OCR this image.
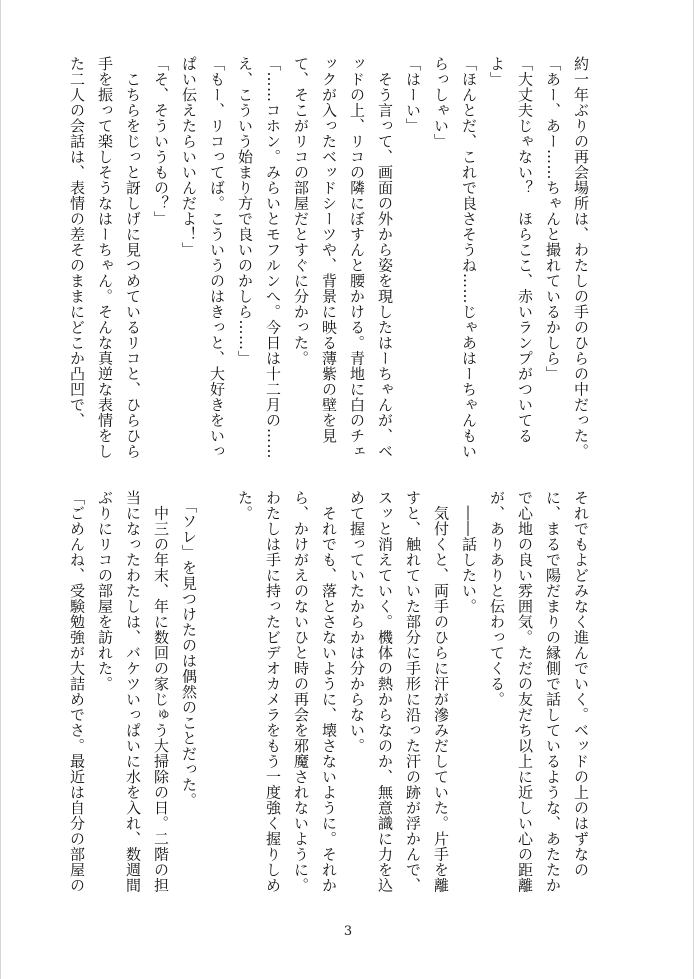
約一年ぶりの再会場所は、わたしの手のひらの中だった。

「あー、あー……ちゃんと撮れているかしら」

「大丈夫じゃない？　ほらここ、赤いランプがついてるよ」

「ほんとだ、これで良さそうね……じゃあはーちゃんもいらっしゃい」

「はーい」

　そう言って、画面の外から姿を現したはーちゃんが、ベッドの上、リコの隣にぼすんと腰かける。青地に白のチェックが入ったベッドシーツや、背景に映る薄紫の壁を見て、そこがリコの部屋だとすぐに分かった。

「……コホン。みらいとモフルンへ。今日は十二月の……え、こういう始まり方で良いのかしら……」

「もー、リコってば。こういうのはきっと、大好きをいっぱい伝えたらいいんだよ！」

「そ、そういうもの？」

　こちらをじっと訝しげに見つめているリコと、ひらひら手を振って楽しそうなはーちゃん。そんな真逆な表情をした二人の会話は、表情の差そのままにどこか凸凹で、

それでもよどみなく進んでいく。ベッドの上のはずなのに、まるで陽だまりの縁側で話しているような、あたたかで心地の良い雰囲気。ただの友だち以上に近しい心の距離が、ありありと伝わってくる。

　――話したい。

　気付くと、両手のひらに汗が滲みだしていた。片手を離すと、触れていた部分に手形に沿った汗の跡が浮かんで、スッと消えていく。機体の熱からなのか、無意識に力を込めて握っていたからかは分からない。

　それでも、落とさないように、壊さないように。それから、かけがえのないひと時の再会を邪魔されないように。わたしは手に持ったビデオカメラをもう一度強く握りしめた。

　「ソレ」を見つけたのは偶然のことだった。

　中三の年末、年に数回の家じゅう大掃除の日。二階の担当になったわたしは、バケツいっぱいに水を入れ、数週間ぶりにリコの部屋を訪れた。

「ごめんね、受験勉強が大詰めでさ。最近は自分の部屋の

3
